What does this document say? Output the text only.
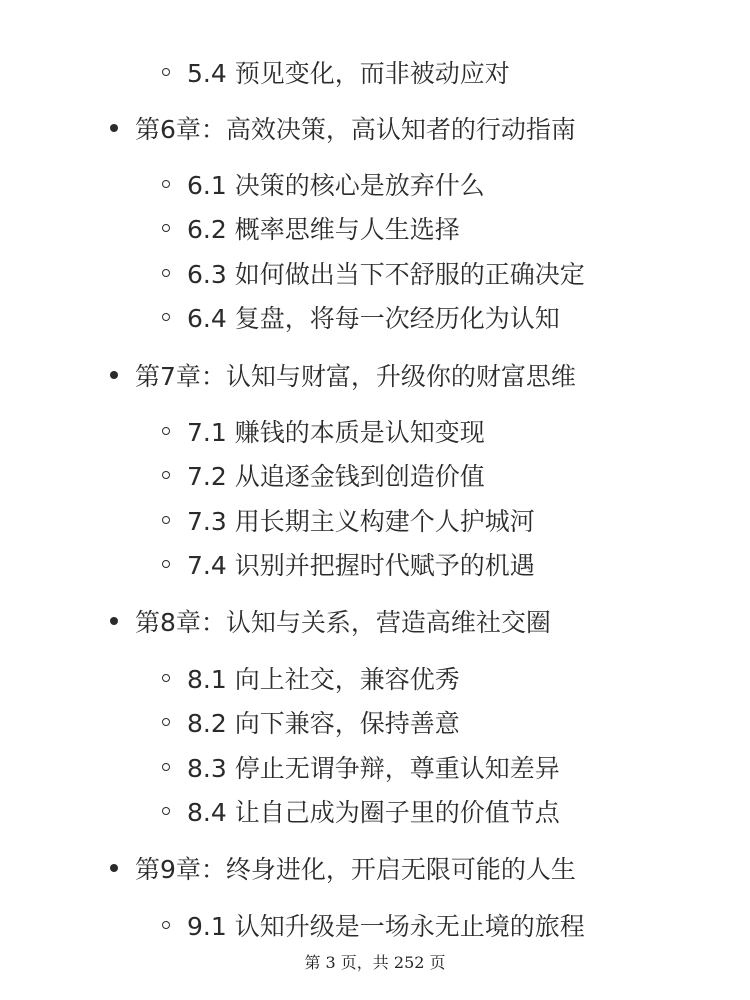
5.4 预见变化，而非被动应对
第6章：高效决策，高认知者的行动指南
6.1 决策的核心是放弃什么
6.2 概率思维与人生选择
6.3 如何做出当下不舒服的正确决定
6.4 复盘，将每一次经历化为认知
第7章：认知与财富，升级你的财富思维
7.1 赚钱的本质是认知变现
7.2 从追逐金钱到创造价值
7.3 用长期主义构建个人护城河
7.4 识别并把握时代赋予的机遇
第8章：认知与关系，营造高维社交圈
8.1 向上社交，兼容优秀
8.2 向下兼容，保持善意
8.3 停止无谓争辩，尊重认知差异
8.4 让自己成为圈子里的价值节点
第9章：终身进化，开启无限可能的人生
9.1 认知升级是一场永无止境的旅程
第 3 页，共 252 页
